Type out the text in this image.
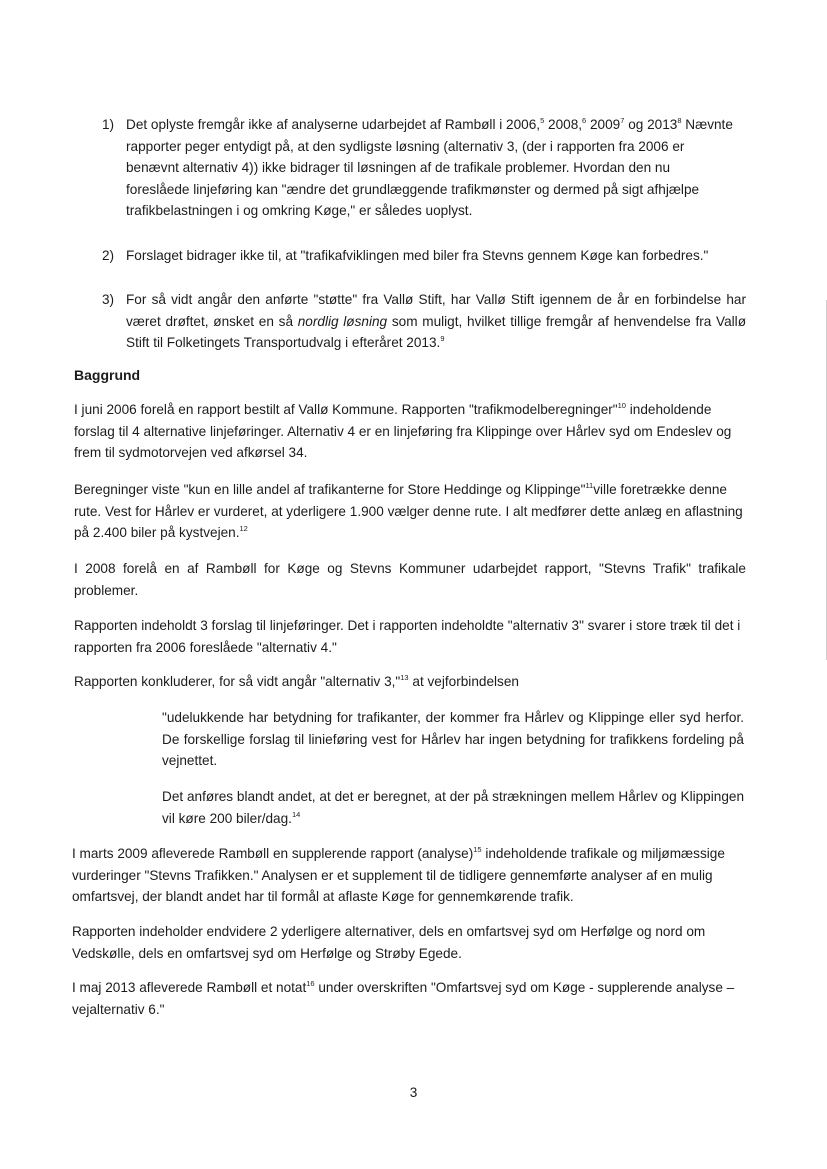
1) Det oplyste fremgår ikke af analyserne udarbejdet af Rambøll i 2006,$^5$ 2008,$^6$ 2009$^7$ og 2013$^8$ Nævnte rapporter peger entydigt på, at den sydligste løsning (alternativ 3, (der i rapporten fra 2006 er benævnt alternativ 4)) ikke bidrager til løsningen af de trafikale problemer. Hvordan den nu foreslåede linjeføring kan "ændre det grundlæggende trafikmønster og dermed på sigt afhjælpe trafikbelastningen i og omkring Køge," er således uoplyst.
2) Forslaget bidrager ikke til, at "trafikafviklingen med biler fra Stevns gennem Køge kan forbedres."
3) For så vidt angår den anførte "støtte" fra Vallø Stift, har Vallø Stift igennem de år en forbindelse har været drøftet, ønsket en så nordlig løsning som muligt, hvilket tillige fremgår af henvendelse fra Vallø Stift til Folketingets Transportudvalg i efteråret 2013.$^9$
Baggrund
I juni 2006 forelå en rapport bestilt af Vallø Kommune. Rapporten "trafikmodelberegninger"$^{10}$ indeholdende forslag til 4 alternative linjeføringer. Alternativ 4 er en linjeføring fra Klippinge over Hårlev syd om Endeslev og frem til sydmotorvejen ved afkørsel 34.
Beregninger viste "kun en lille andel af trafikanterne for Store Heddinge og Klippinge"$^{11}$ville foretrække denne rute. Vest for Hårlev er vurderet, at yderligere 1.900 vælger denne rute. I alt medfører dette anlæg en aflastning på 2.400 biler på kystvejen.$^{12}$
I 2008 forelå en af Rambøll for Køge og Stevns Kommuner udarbejdet rapport, "Stevns Trafik" trafikale problemer.
Rapporten indeholdt 3 forslag til linjeføringer. Det i rapporten indeholdte "alternativ 3" svarer i store træk til det i rapporten fra 2006 foreslåede "alternativ 4."
Rapporten konkluderer, for så vidt angår "alternativ 3,"$^{13}$ at vejforbindelsen
"udelukkende har betydning for trafikanter, der kommer fra Hårlev og Klippinge eller syd herfor. De forskellige forslag til linieføring vest for Hårlev har ingen betydning for trafikkens fordeling på vejnettet.
Det anføres blandt andet, at det er beregnet, at der på strækningen mellem Hårlev og Klippingen vil køre 200 biler/dag.$^{14}$
I marts 2009 afleverede Rambøll en supplerende rapport (analyse)$^{15}$ indeholdende trafikale og miljømæssige vurderinger "Stevns Trafikken." Analysen er et supplement til de tidligere gennemførte analyser af en mulig omfartsvej, der blandt andet har til formål at aflaste Køge for gennemkørende trafik.
Rapporten indeholder endvidere 2 yderligere alternativer, dels en omfartsvej syd om Herfølge og nord om Vedskølle, dels en omfartsvej syd om Herfølge og Strøby Egede.
I maj 2013 afleverede Rambøll et notat$^{16}$ under overskriften "Omfartsvej syd om Køge - supplerende analyse – vejalternativ 6."
3
